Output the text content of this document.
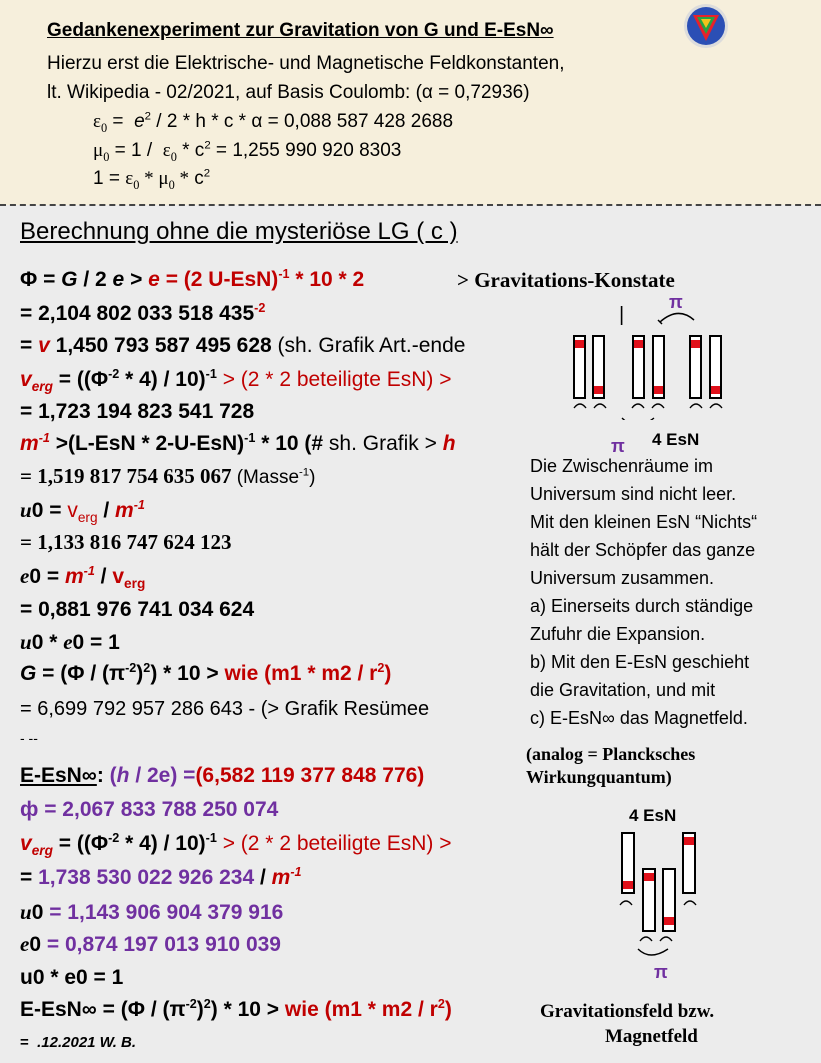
Gedankenexperiment zur Gravitation von G und E-EsN∞
Hierzu erst die Elektrische- und Magnetische Feldkonstanten,
lt. Wikipedia - 02/2021, auf Basis Coulomb: (α = 0,72936)
$\varepsilon_0 = e^2 / 2 * h * c * \alpha = 0,088$ 587 428 2688
$\mu_0 = 1 / \varepsilon_0 * c^2 = 1,255$ 990 920 8303
$1 = \varepsilon_0 * \mu_0 * c^2$
Berechnung ohne die mysteriöse LG ( c )
Φ = G / 2 e > e = (2 U-EsN)$^{-1}$ * 10 * 2	> Gravitations-Konstate
= 2,104 802 033 518 $435^{-2}$
= v 1,450 793 587 495 628 (sh. Grafik Art.-ende
$v_{erg} = ((\Phi^{-2} * 4) / 10)^{-1} > (2 * 2$ beteiligte EsN) >
= 1,723 194 823 541 728
$m^{-1} >(L-EsN * 2-U-EsN)^{-1} * 10$ (# sh. Grafik > h
= 1,519 817 754 635 067 (Masse$^{-1}$)
$u0 = v_{erg} / m^{-1}$
= 1,133 816 747 624 123
$e0 = m^{-1} / v_{erg}$
= 0,881 976 741 034 624
u0 * e0 = 1
$G = (\Phi / (\pi^{-2})^2) * 10$ > wie $(m1 * m2 / r^2)$
= 6,699 792 957 286 643 - (> Grafik Resümee
- --
E-EsN∞: (h / 2e) =(6,582 119 377 848 776)
ф = 2,067 833 788 250 074
$v_{erg} = ((\Phi^{-2} * 4) / 10)^{-1} > (2 * 2$ beteiligte EsN) >
= 1,738 530 022 926 $234 / m^{-1}$
u0 = 1,143 906 904 379 916
e0 = 0,874 197 013 910 039
u0 * e0 = 1
$E-EsN\infty = (\Phi / (\pi^{-2})^2) * 10$ > wie $(m1 * m2 / r^2)$
=  .12.2021 W. B.
|
π
π 4 EsN
Die Zwischenräume im
Universum sind nicht leer.
Mit den kleinen EsN “Nichts“
hält der Schöpfer das ganze
Universum zusammen.
a) Einerseits durch ständige
Zufuhr die Expansion.
b) Mit den E-EsN geschieht
die Gravitation, und mit
c) E-EsN∞ das Magnetfeld.
(analog = Plancksches
Wirkungquantum)
4 EsN
π
Gravitationsfeld bzw.
Magnetfeld
